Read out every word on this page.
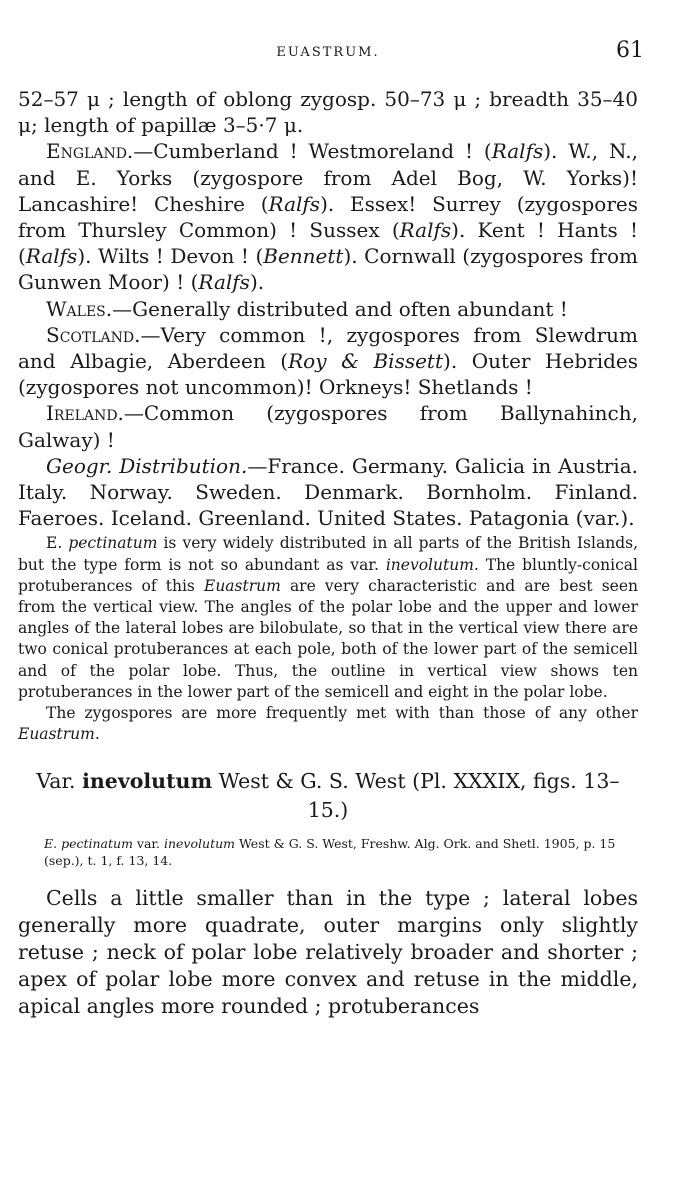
EUASTRUM.	61

52–57 μ ; length of oblong zygosp. 50–73 μ ; breadth 35–40 μ; length of papillæ 3–5·7 μ.

England.—Cumberland ! Westmoreland ! (Ralfs). W., N., and E. Yorks (zygospore from Adel Bog, W. Yorks)! Lancashire! Cheshire (Ralfs). Essex! Surrey (zygospores from Thursley Common) ! Sussex (Ralfs). Kent ! Hants ! (Ralfs). Wilts ! Devon ! (Bennett). Cornwall (zygospores from Gunwen Moor) ! (Ralfs).

Wales.—Generally distributed and often abundant !

Scotland.—Very common !, zygospores from Slewdrum and Albagie, Aberdeen (Roy & Bissett). Outer Hebrides (zygospores not uncommon)! Orkneys! Shetlands !

Ireland.—Common (zygospores from Ballynahinch, Galway) !

Geogr. Distribution.—France. Germany. Galicia in Austria. Italy. Norway. Sweden. Denmark. Bornholm. Finland. Faeroes. Iceland. Greenland. United States. Patagonia (var.).

E. pectinatum is very widely distributed in all parts of the British Islands, but the type form is not so abundant as var. inevolutum. The bluntly-conical protuberances of this Euastrum are very characteristic and are best seen from the vertical view. The angles of the polar lobe and the upper and lower angles of the lateral lobes are bilobulate, so that in the vertical view there are two conical protuberances at each pole, both of the lower part of the semicell and of the polar lobe. Thus, the outline in vertical view shows ten protuberances in the lower part of the semicell and eight in the polar lobe.

The zygospores are more frequently met with than those of any other Euastrum.

Var. inevolutum West & G. S. West (Pl. XXXIX, figs. 13–15.)

E. pectinatum var. inevolutum West & G. S. West, Freshw. Alg. Ork. and Shetl. 1905, p. 15 (sep.), t. 1, f. 13, 14.

Cells a little smaller than in the type ; lateral lobes generally more quadrate, outer margins only slightly retuse ; neck of polar lobe relatively broader and shorter ; apex of polar lobe more convex and retuse in the middle, apical angles more rounded ; protuberances
